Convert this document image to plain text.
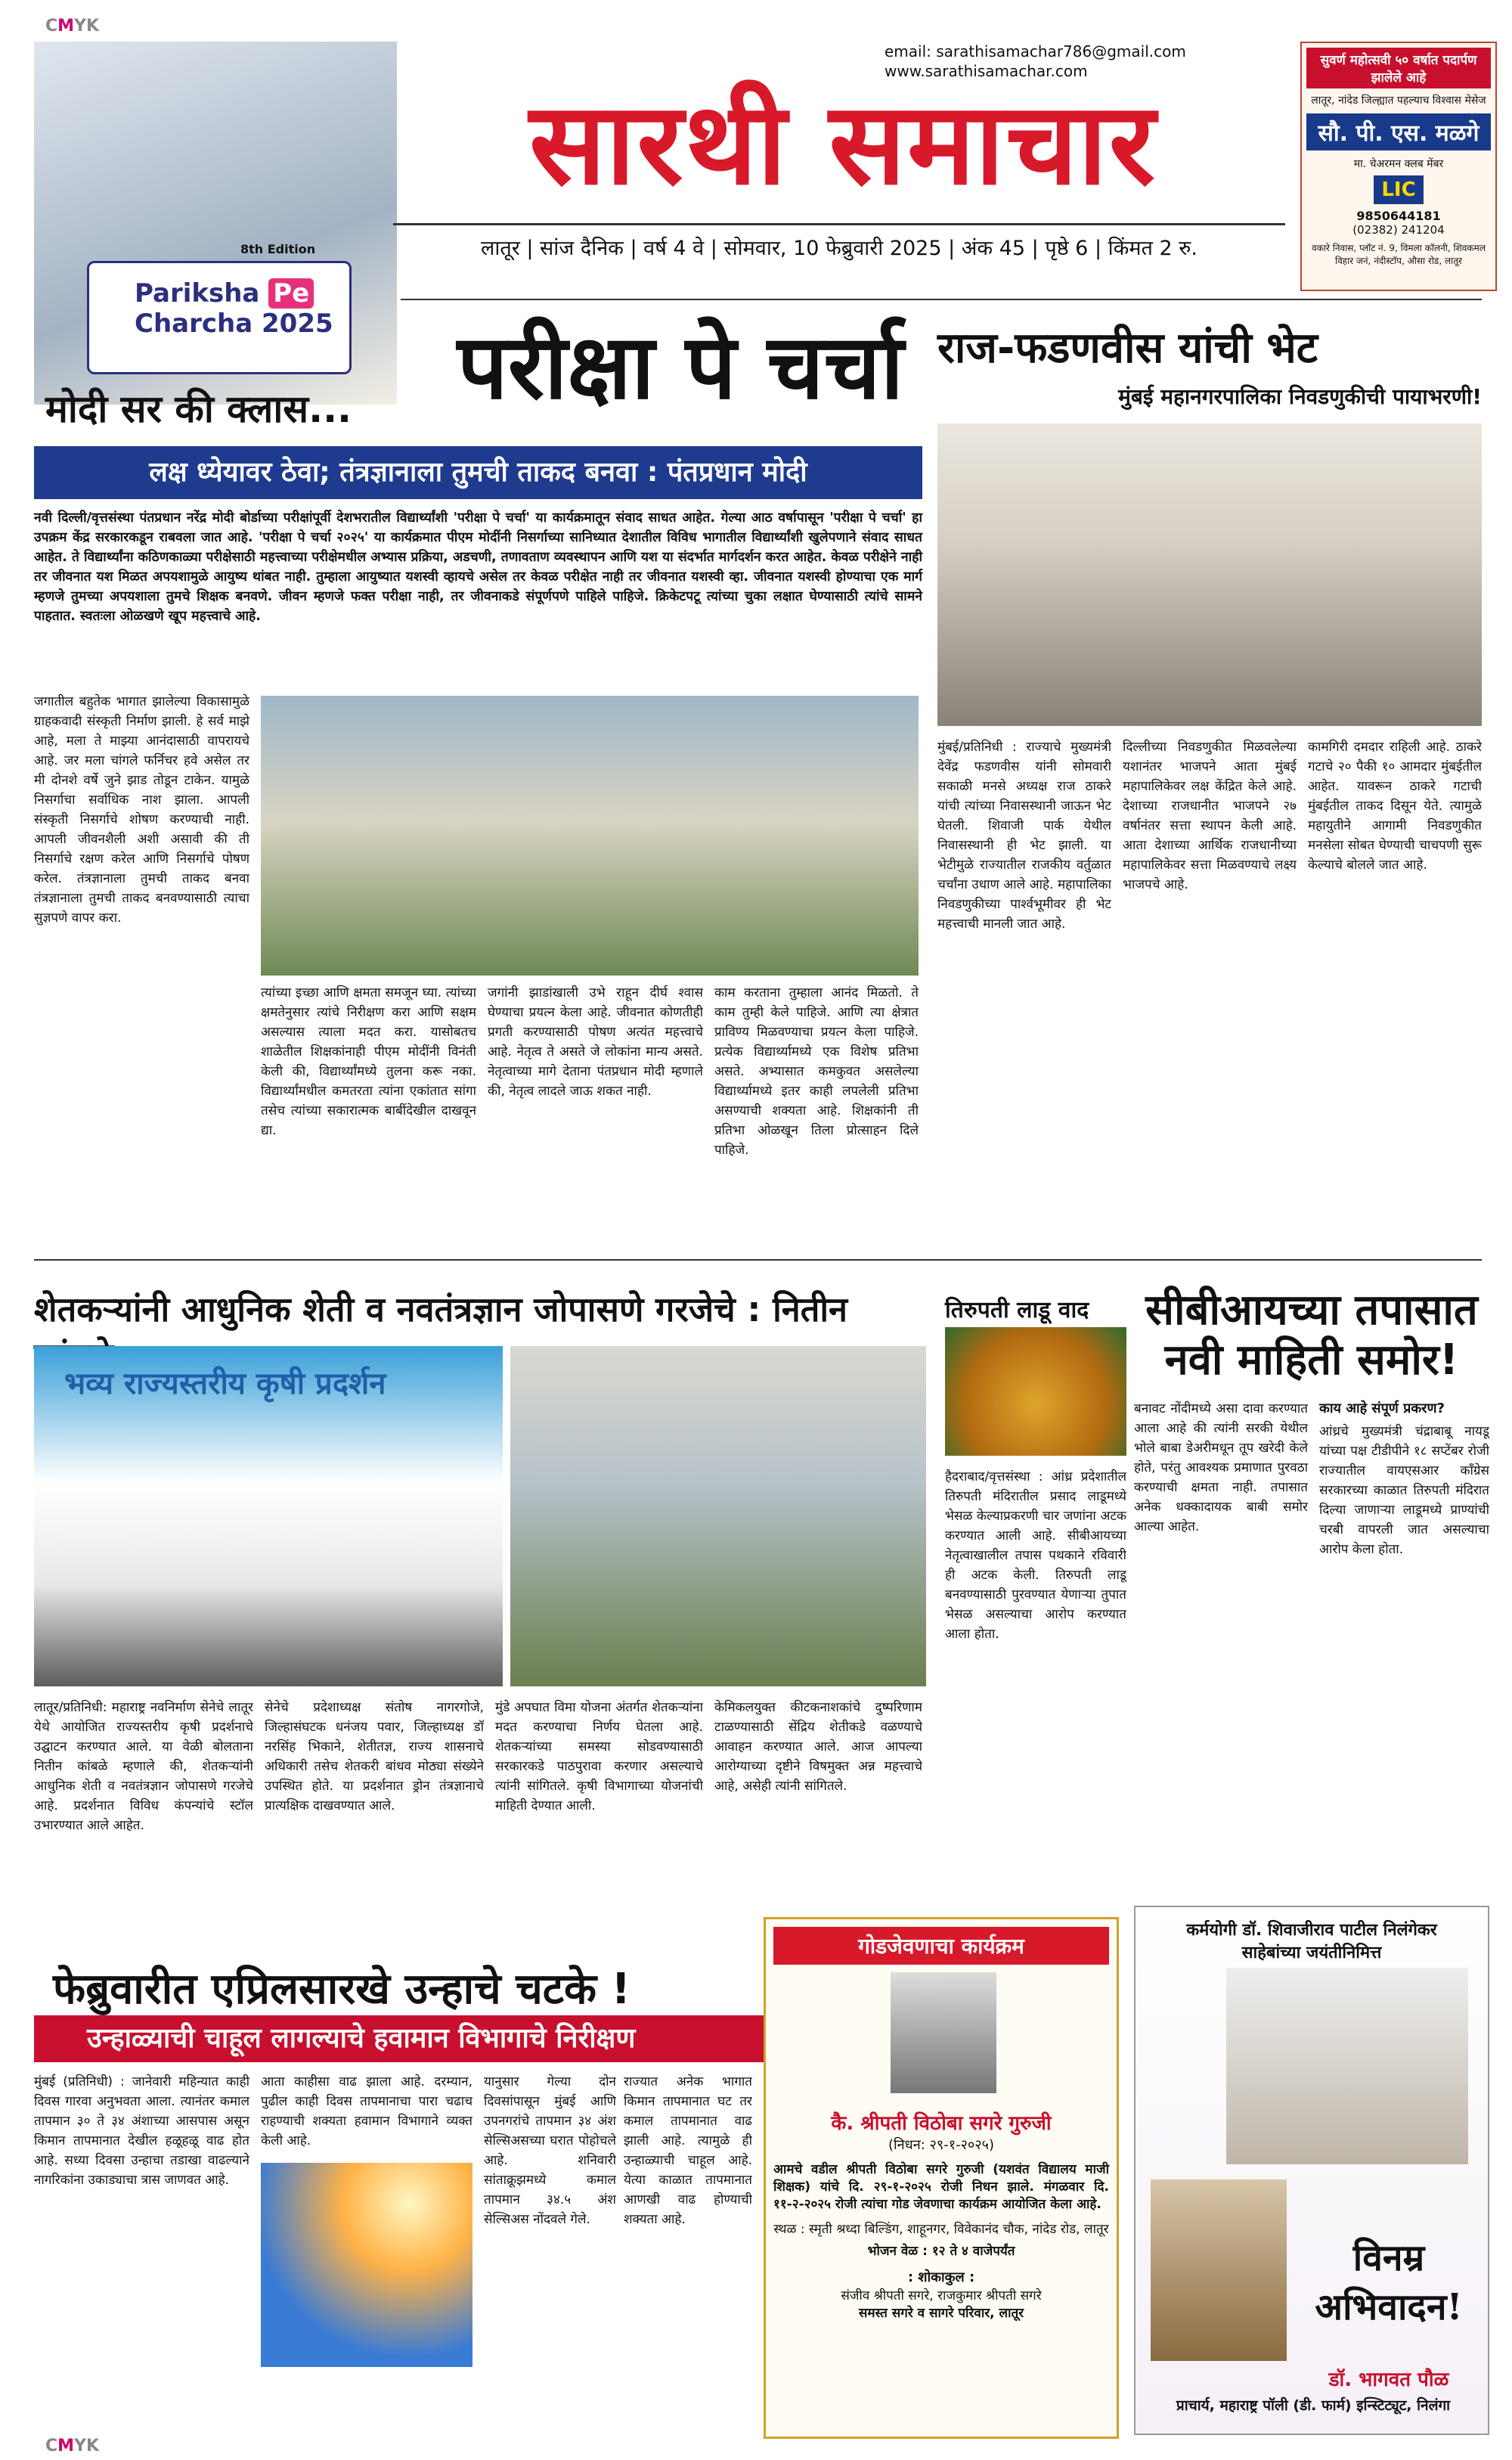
CMYK
CMYK
8th Edition
Pariksha Pe
Charcha 2025
email: sarathisamachar786@gmail.com
www.sarathisamachar.com
सारथी समाचार
लातूर | सांज दैनिक | वर्ष 4 वे | सोमवार, 10 फेब्रुवारी 2025 | अंक 45 | पृष्ठे 6 | किंमत 2 रु.
सुवर्ण महोत्सवी ५० वर्षात पदार्पण झालेले आहे
लातूर, नांदेड जिल्ह्यात पहल्याच विश्वास मेसेज
सौ. पी. एस. मळगे
मा. चेअरमन क्लब मेंबर
LIC
9850644181
(02382) 241204
वकारे निवास, प्लॉट नं. 9, विमला कॉलनी, शिवकमल विहार जनं, नंदीस्टाॅप, औसा रोड, लातूर
परीक्षा पे चर्चा
मोदी सर की क्लास...
लक्ष ध्येयावर ठेवा; तंत्रज्ञानाला तुमची ताकद बनवा : पंतप्रधान मोदी
नवी दिल्ली/वृत्तसंस्था पंतप्रधान नरेंद्र मोदी बोर्डाच्या परीक्षांपूर्वी देशभरातील विद्यार्थ्यांशी 'परीक्षा पे चर्चा' या कार्यक्रमातून संवाद साधत आहेत. गेल्या आठ वर्षापासून 'परीक्षा पे चर्चा' हा उपक्रम केंद्र सरकारकडून राबवला जात आहे. 'परीक्षा पे चर्चा २०२५' या कार्यक्रमात पीएम मोदींनी निसर्गाच्या सानिध्यात देशातील विविध भागातील विद्यार्थ्यांशी खुलेपणाने संवाद साधत आहेत. ते विद्यार्थ्यांना कठिणकाळ्या परीक्षेसाठी महत्त्वाच्या परीक्षेमधील अभ्यास प्रक्रिया, अडचणी, तणावताण व्यवस्थापन आणि यश या संदर्भात मार्गदर्शन करत आहेत. केवळ परीक्षेने नाही तर जीवनात यश मिळत अपयशामुळे आयुष्य थांबत नाही. तुम्हाला आयुष्यात यशस्वी व्हायचे असेल तर केवळ परीक्षेत नाही तर जीवनात यशस्वी व्हा. जीवनात यशस्वी होण्याचा एक मार्ग म्हणजे तुमच्या अपयशाला तुमचे शिक्षक बनवणे. जीवन म्हणजे फक्त परीक्षा नाही, तर जीवनाकडे संपूर्णपणे पाहिले पाहिजे. क्रिकेटपटू त्यांच्या चुका लक्षात घेण्यासाठी त्यांचे सामने पाहतात. स्वतःला ओळखणे खूप महत्त्वाचे आहे.
जगातील बहुतेक भागात झालेल्या विकासामुळे ग्राहकवादी संस्कृती निर्माण झाली. हे सर्व माझे आहे, मला ते माझ्या आनंदासाठी वापरायचे आहे. जर मला चांगले फर्निचर हवे असेल तर मी दोनशे वर्षे जुने झाड तोडून टाकेन. यामुळे निसर्गाचा सर्वाधिक नाश झाला. आपली संस्कृती निसर्गाचे शोषण करण्याची नाही. आपली जीवनशैली अशी असावी की ती निसर्गाचे रक्षण करेल आणि निसर्गाचे पोषण करेल. तंत्रज्ञानाला तुमची ताकद बनवा तंत्रज्ञानाला तुमची ताकद बनवण्यासाठी त्याचा सुज्ञपणे वापर करा.
त्यांच्या इच्छा आणि क्षमता समजून घ्या. त्यांच्या क्षमतेनुसार त्यांचे निरीक्षण करा आणि सक्षम असल्यास त्याला मदत करा. यासोबतच शाळेतील शिक्षकांनाही पीएम मोदींनी विनंती केली की, विद्यार्थ्यांमध्ये तुलना करू नका. विद्यार्थ्यांमधील कमतरता त्यांना एकांतात सांगा तसेच त्यांच्या सकारात्मक बाबींदेखील दाखवून द्या.
जगांनी झाडांखाली उभे राहून दीर्घ श्वास घेण्याचा प्रयत्न केला आहे. जीवनात कोणतीही प्रगती करण्यासाठी पोषण अत्यंत महत्त्वाचे आहे. नेतृत्व ते असते जे लोकांना मान्य असते. नेतृत्वाच्या मागे देताना पंतप्रधान मोदी म्हणाले की, नेतृत्व लादले जाऊ शकत नाही.
काम करताना तुम्हाला आनंद मिळतो. ते काम तुम्ही केले पाहिजे. आणि त्या क्षेत्रात प्राविण्य मिळवण्याचा प्रयत्न केला पाहिजे. प्रत्येक विद्यार्थ्यामध्ये एक विशेष प्रतिभा असते. अभ्यासात कमकुवत असलेल्या विद्यार्थ्यामध्ये इतर काही लपलेली प्रतिभा असण्याची शक्यता आहे. शिक्षकांनी ती प्रतिभा ओळखून तिला प्रोत्साहन दिले पाहिजे.
राज-फडणवीस यांची भेट
मुंबई महानगरपालिका निवडणुकीची पायाभरणी!
मुंबई/प्रतिनिधी : राज्याचे मुख्यमंत्री देवेंद्र फडणवीस यांनी सोमवारी सकाळी मनसे अध्यक्ष राज ठाकरे यांची त्यांच्या निवासस्थानी जाऊन भेट घेतली. शिवाजी पार्क येथील निवासस्थानी ही भेट झाली. या भेटीमुळे राज्यातील राजकीय वर्तुळात चर्चांना उधाण आले आहे. महापालिका निवडणुकीच्या पार्श्वभूमीवर ही भेट महत्त्वाची मानली जात आहे.
दिल्लीच्या निवडणुकीत मिळवलेल्या यशानंतर भाजपने आता मुंबई महापालिकेवर लक्ष केंद्रित केले आहे. देशाच्या राजधानीत भाजपने २७ वर्षानंतर सत्ता स्थापन केली आहे. आता देशाच्या आर्थिक राजधानीच्या महापालिकेवर सत्ता मिळवण्याचे लक्ष्य भाजपचे आहे.
कामगिरी दमदार राहिली आहे. ठाकरे गटाचे २० पैकी १० आमदार मुंबईतील आहेत. यावरून ठाकरे गटाची मुंबईतील ताकद दिसून येते. त्यामुळे महायुतीने आगामी निवडणुकीत मनसेला सोबत घेण्याची चाचपणी सुरू केल्याचे बोलले जात आहे.
शेतकऱ्यांनी आधुनिक शेती व नवतंत्रज्ञान जोपासणे गरजेचे : नितीन
भव्य राज्यस्तरीय कृषी प्रदर्शन
लातूर/प्रतिनिधी: महाराष्ट्र नवनिर्माण सेनेचे लातूर येथे आयोजित राज्यस्तरीय कृषी प्रदर्शनाचे उद्घाटन करण्यात आले. या वेळी बोलताना नितीन कांबळे म्हणाले की, शेतकऱ्यांनी आधुनिक शेती व नवतंत्रज्ञान जोपासणे गरजेचे आहे. प्रदर्शनात विविध कंपन्यांचे स्टॉल उभारण्यात आले आहेत.
सेनेचे प्रदेशाध्यक्ष संतोष नागरगोजे, जिल्हासंघटक धनंजय पवार, जिल्हाध्यक्ष डॉ नरसिंह भिकाने, शेतीतज्ञ, राज्य शासनाचे अधिकारी तसेच शेतकरी बांधव मोठ्या संख्येने उपस्थित होते. या प्रदर्शनात ड्रोन तंत्रज्ञानाचे प्रात्यक्षिक दाखवण्यात आले.
मुंडे अपघात विमा योजना अंतर्गत शेतकऱ्यांना मदत करण्याचा निर्णय घेतला आहे. शेतकऱ्यांच्या समस्या सोडवण्यासाठी सरकारकडे पाठपुरावा करणार असल्याचे त्यांनी सांगितले. कृषी विभागाच्या योजनांची माहिती देण्यात आली.
केमिकलयुक्त कीटकनाशकांचे दुष्परिणाम टाळण्यासाठी सेंद्रिय शेतीकडे वळण्याचे आवाहन करण्यात आले. आज आपल्या आरोग्याच्या दृष्टीने विषमुक्त अन्न महत्त्वाचे आहे, असेही त्यांनी सांगितले.
तिरुपती लाडू वाद
हैदराबाद/वृत्तसंस्था : आंध्र प्रदेशातील तिरुपती मंदिरातील प्रसाद लाडूमध्ये भेसळ केल्याप्रकरणी चार जणांना अटक करण्यात आली आहे. सीबीआयच्या नेतृत्वाखालील तपास पथकाने रविवारी ही अटक केली. तिरुपती लाडू बनवण्यासाठी पुरवण्यात येणाऱ्या तुपात भेसळ असल्याचा आरोप करण्यात आला होता.
सीबीआयच्या तपासात नवी माहिती समोर!
बनावट नोंदीमध्ये असा दावा करण्यात आला आहे की त्यांनी सरकी येथील भोले बाबा डेअरीमधून तूप खरेदी केले होते, परंतु आवश्यक प्रमाणात पुरवठा करण्याची क्षमता नाही. तपासात अनेक धक्कादायक बाबी समोर आल्या आहेत.
काय आहे संपूर्ण प्रकरण?
आंध्रचे मुख्यमंत्री चंद्राबाबू नायडू यांच्या पक्ष टीडीपीने १८ सप्टेंबर रोजी राज्यातील वायएसआर काँग्रेस सरकारच्या काळात तिरुपती मंदिरात दिल्या जाणाऱ्या लाडूमध्ये प्राण्यांची चरबी वापरली जात असल्याचा आरोप केला होता.
कर्मयोगी डॉ. शिवाजीराव पाटील निलंगेकर
साहेबांच्या जयंतीनिमित्त
विनम्र अभिवादन!
डॉ. भागवत पौळ
प्राचार्य, महाराष्ट्र पॉली (डी. फार्म) इन्स्टिट्यूट, निलंगा
फेब्रुवारीत एप्रिलसारखे उन्हाचे चटके !
उन्हाळ्याची चाहूल लागल्याचे हवामान विभागाचे निरीक्षण
मुंबई (प्रतिनिधी) : जानेवारी महिन्यात काही दिवस गारवा अनुभवता आला. त्यानंतर कमाल तापमान ३० ते ३४ अंशाच्या आसपास असून किमान तापमानात देखील हळूहळू वाढ होत आहे. सध्या दिवसा उन्हाचा तडाखा वाढल्याने नागरिकांना उकाड्याचा त्रास जाणवत आहे.
आता काहीसा वाढ झाला आहे. दरम्यान, पुढील काही दिवस तापमानाचा पारा चढाच राहण्याची शक्यता हवामान विभागाने व्यक्त केली आहे.
यानुसार गेल्या दोन दिवसांपासून मुंबई आणि उपनगरांचे तापमान ३४ अंश सेल्सिअसच्या घरात पोहोचले आहे. शनिवारी सांताक्रूझमध्ये कमाल तापमान ३४.५ अंश सेल्सिअस नोंदवले गेले.
राज्यात अनेक भागात किमान तापमानात घट तर कमाल तापमानात वाढ झाली आहे. त्यामुळे ही उन्हाळ्याची चाहूल आहे. येत्या काळात तापमानात आणखी वाढ होण्याची शक्यता आहे.
गोडजेवणाचा कार्यक्रम
कै. श्रीपती विठोबा सगरे गुरुजी
(निधन: २९-१-२०२५)
आमचे वडील श्रीपती विठोबा सगरे गुरुजी (यशवंत विद्यालय माजी शिक्षक) यांचे दि. २९-१-२०२५ रोजी निधन झाले. मंगळवार दि. ११-२-२०२५ रोजी त्यांचा गोड जेवणाचा कार्यक्रम आयोजित केला आहे.
स्थळ : स्मृती श्रध्दा बिल्डिंग, शाहूनगर, विवेकानंद चौक, नांदेड रोड, लातूर
भोजन वेळ : १२ ते ४ वाजेपर्यंत
: शोकाकुल :
संजीव श्रीपती सगरे, राजकुमार श्रीपती सगरे
समस्त सगरे व सागरे परिवार, लातूर
